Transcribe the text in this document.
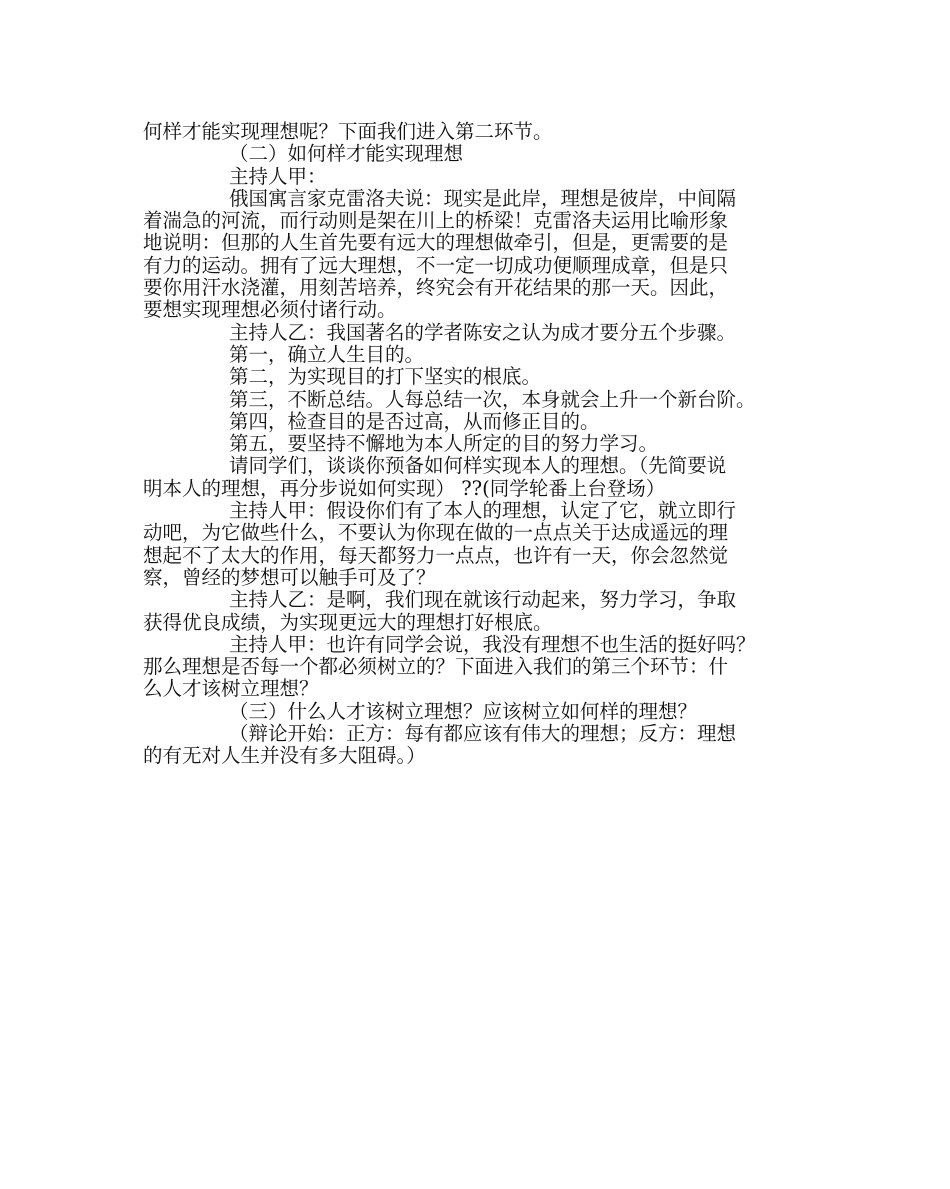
何样才能实现理想呢？下面我们进入第二环节。
（二）如何样才能实现理想
主持人甲：
俄国寓言家克雷洛夫说：现实是此岸，理想是彼岸，中间隔
着湍急的河流，而行动则是架在川上的桥梁！克雷洛夫运用比喻形象
地说明：但那的人生首先要有远大的理想做牵引，但是，更需要的是
有力的运动。拥有了远大理想，不一定一切成功便顺理成章，但是只
要你用汗水浇灌，用刻苦培养，终究会有开花结果的那一天。因此，
要想实现理想必须付诸行动。
主持人乙：我国著名的学者陈安之认为成才要分五个步骤。
第一，确立人生目的。
第二，为实现目的打下坚实的根底。
第三，不断总结。人每总结一次，本身就会上升一个新台阶。
第四，检查目的是否过高，从而修正目的。
第五，要坚持不懈地为本人所定的目的努力学习。
请同学们，谈谈你预备如何样实现本人的理想。（先简要说
明本人的理想，再分步说如何实现） ??(同学轮番上台登场）
主持人甲：假设你们有了本人的理想，认定了它，就立即行
动吧，为它做些什么，不要认为你现在做的一点点关于达成遥远的理
想起不了太大的作用，每天都努力一点点，也许有一天，你会忽然觉
察，曾经的梦想可以触手可及了？
主持人乙：是啊，我们现在就该行动起来，努力学习，争取
获得优良成绩，为实现更远大的理想打好根底。
主持人甲：也许有同学会说，我没有理想不也生活的挺好吗？
那么理想是否每一个都必须树立的？下面进入我们的第三个环节：什
么人才该树立理想？
（三）什么人才该树立理想？应该树立如何样的理想？
（辩论开始：正方：每有都应该有伟大的理想；反方：理想
的有无对人生并没有多大阻碍。）
